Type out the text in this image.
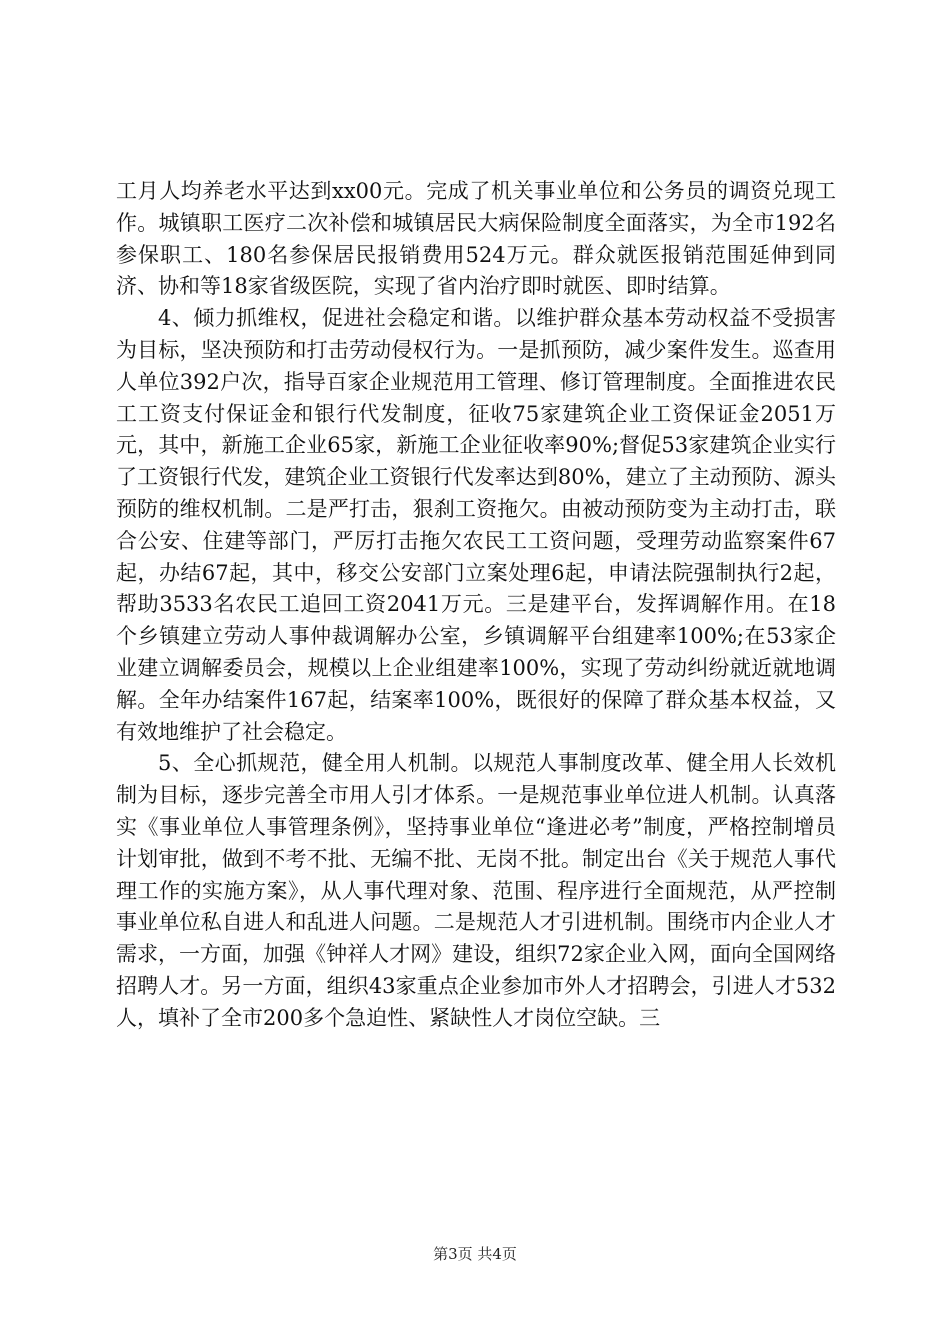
工月人均养老水平达到xx00元。完成了机关事业单位和公务员的调资兑现工作。城镇职工医疗二次补偿和城镇居民大病保险制度全面落实，为全市192名参保职工、180名参保居民报销费用524万元。群众就医报销范围延伸到同济、协和等18家省级医院，实现了省内治疗即时就医、即时结算。

4、倾力抓维权，促进社会稳定和谐。以维护群众基本劳动权益不受损害为目标，坚决预防和打击劳动侵权行为。一是抓预防，减少案件发生。巡查用人单位392户次，指导百家企业规范用工管理、修订管理制度。全面推进农民工工资支付保证金和银行代发制度，征收75家建筑企业工资保证金2051万元，其中，新施工企业65家，新施工企业征收率90%;督促53家建筑企业实行了工资银行代发，建筑企业工资银行代发率达到80%，建立了主动预防、源头预防的维权机制。二是严打击，狠刹工资拖欠。由被动预防变为主动打击，联合公安、住建等部门，严厉打击拖欠农民工工资问题，受理劳动监察案件67起，办结67起，其中，移交公安部门立案处理6起，申请法院强制执行2起，帮助3533名农民工追回工资2041万元。三是建平台，发挥调解作用。在18个乡镇建立劳动人事仲裁调解办公室，乡镇调解平台组建率100%;在53家企业建立调解委员会，规模以上企业组建率100%，实现了劳动纠纷就近就地调解。全年办结案件167起，结案率100%，既很好的保障了群众基本权益，又有效地维护了社会稳定。

5、全心抓规范，健全用人机制。以规范人事制度改革、健全用人长效机制为目标，逐步完善全市用人引才体系。一是规范事业单位进人机制。认真落实《事业单位人事管理条例》，坚持事业单位“逢进必考”制度，严格控制增员计划审批，做到不考不批、无编不批、无岗不批。制定出台《关于规范人事代理工作的实施方案》，从人事代理对象、范围、程序进行全面规范，从严控制事业单位私自进人和乱进人问题。二是规范人才引进机制。围绕市内企业人才需求，一方面，加强《钟祥人才网》建设，组织72家企业入网，面向全国网络招聘人才。另一方面，组织43家重点企业参加市外人才招聘会，引进人才532人，填补了全市200多个急迫性、紧缺性人才岗位空缺。三

第3页 共4页
